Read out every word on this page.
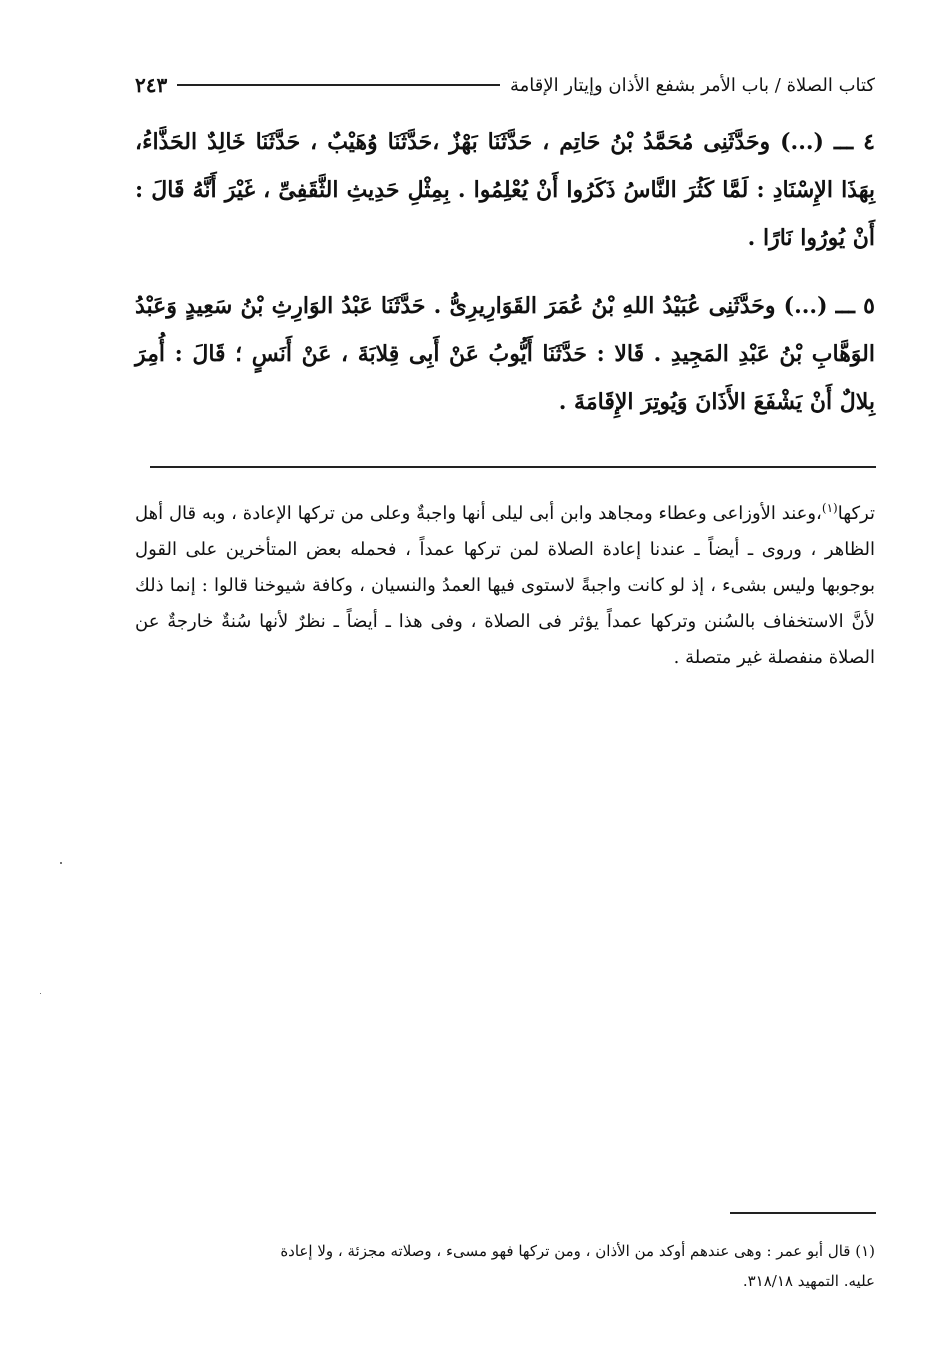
كتاب الصلاة / باب الأمر بشفع الأذان وإيتار الإقامة
٢٤٣

٤ ـــ (...) وحَدَّثَنِى مُحَمَّدُ بْنُ حَاتِم ، حَدَّثَنَا بَهْزٌ ،حَدَّثَنَا وُهَيْبٌ ، حَدَّثَنَا خَالِدٌ الحَذَّاءُ، بِهَذَا الإِسْنَادِ : لَمَّا كَثُرَ النَّاسُ ذَكَرُوا أَنْ يُعْلِمُوا . بِمِثْلِ حَدِيثِ الثَّقَفِىِّ ، غَيْرَ أَنَّهُ قَالَ : أَنْ يُورُوا نَارًا .

٥ ـــ (...) وحَدَّثَنِى عُبَيْدُ اللهِ بْنُ عُمَرَ القَوَارِيرِىُّ . حَدَّثَنَا عَبْدُ الوَارِثِ بْنُ سَعِيدٍ وَعَبْدُ الوَهَّابِ بْنُ عَبْدِ المَجِيدِ . قَالا : حَدَّثَنَا أَيُّوبُ عَنْ أَبِى قِلابَةَ ، عَنْ أَنَسٍ ؛ قَالَ : أُمِرَ بِلالٌ أَنْ يَشْفَعَ الأَذَانَ وَيُوتِرَ الإِقَامَةَ .

تركها$^{(١)}$،وعند الأوزاعى وعطاء ومجاهد وابن أبى ليلى أنها واجبةٌ وعلى من تركها الإعادة ، وبه قال أهل الظاهر ، وروى ـ أيضاً ـ عندنا إعادة الصلاة لمن تركها عمداً ، فحمله بعض المتأخرين على القول بوجوبها وليس بشىء ، إذ لو كانت واجبةً لاستوى فيها العمدُ والنسيان ، وكافة شيوخنا قالوا : إنما ذلك لأنَّ الاستخفاف بالسُنن وتركها عمداً يؤثر فى الصلاة ، وفى هذا ـ أيضاً ـ نظرٌ لأنها سُنةٌ خارجةٌ عن الصلاة منفصلة غير متصلة .
(١) قال أبو عمر : وهى عندهم أوكد من الأذان ، ومن تركها فهو مسىء ، وصلاته مجزئة ، ولا إعادة
عليه. التمهيد ٣١٨/١٨.
